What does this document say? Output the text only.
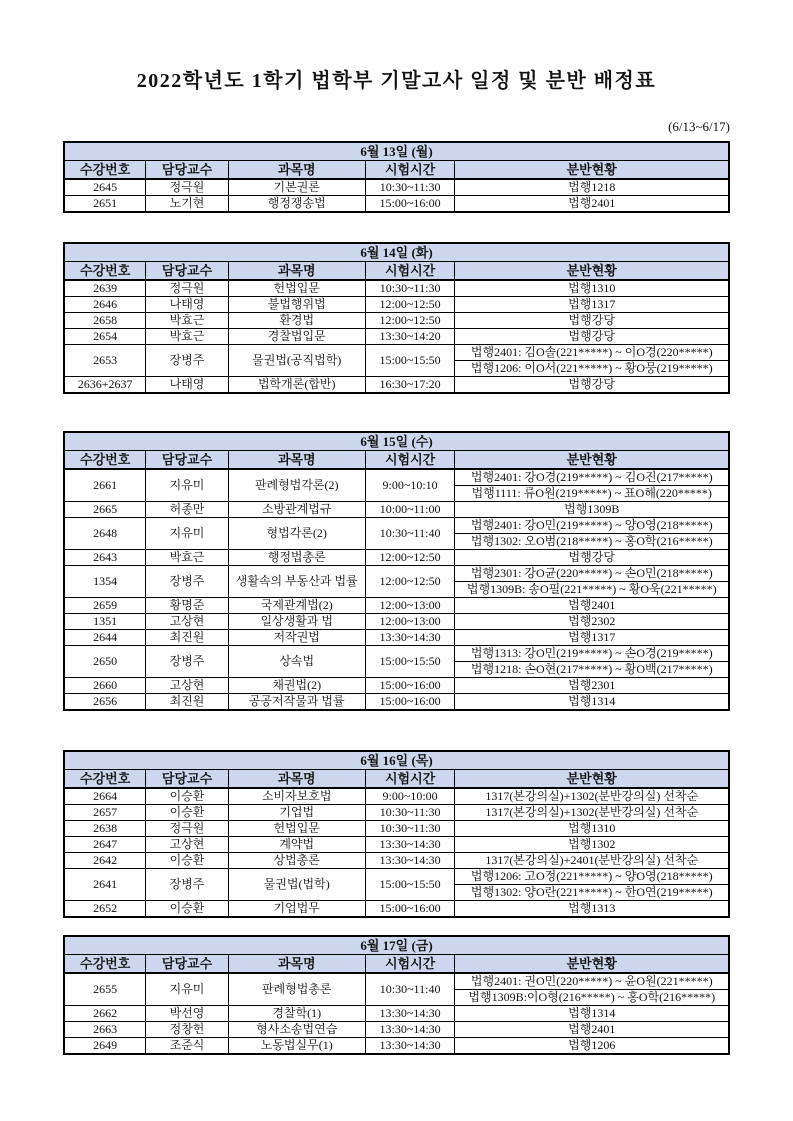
2022학년도 1학기 법학부 기말고사 일정 및 분반 배정표
(6/13~6/17)
6월 13일 (월)				
수강번호	담당교수	과목명	시험시간	분반현황
2645	정극원	기본권론	10:30~11:30	법행1218
2651	노기현	행정쟁송법	15:00~16:00	법행2401
6월 14일 (화)				
수강번호	담당교수	과목명	시험시간	분반현황
2639	정극원	헌법입문	10:30~11:30	법행1310
2646	나태영	불법행위법	12:00~12:50	법행1317
2658	박효근	환경법	12:00~12:50	법행강당
2654	박효근	경찰법입문	13:30~14:20	법행강당
2653	장병주	물권법(공직법학)	15:00~15:50	법행2401: 김O솔(221*****) ~ 이O경(220*****)
				법행1206: 이O서(221*****) ~ 황O뭉(219*****)
2636+2637	나태영	법학개론(합반)	16:30~17:20	법행강당
6월 15일 (수)				
수강번호	담당교수	과목명	시험시간	분반현황
2661	지유미	판례형법각론(2)	9:00~10:10	법행2401: 강O경(219*****) ~ 김O진(217*****)
				법행1111: 류O원(219*****) ~ 표O해(220*****)
2665	허종만	소방관계법규	10:00~11:00	법행1309B
2648	지유미	형법각론(2)	10:30~11:40	법행2401: 강O민(219*****) ~ 양O영(218*****)
				법행1302: 오O범(218*****) ~ 홍O학(216*****)
2643	박효근	행정법총론	12:00~12:50	법행강당
1354	장병주	생활속의 부동산과 법률	12:00~12:50	법행2301: 강O균(220*****) ~ 손O민(218*****)
				법행1309B: 송O필(221*****) ~ 황O욱(221*****)
2659	황명준	국제관계법(2)	12:00~13:00	법행2401
1351	고상현	일상생활과 법	12:00~13:00	법행2302
2644	최진원	저작권법	13:30~14:30	법행1317
2650	장병주	상속법	15:00~15:50	법행1313: 강O민(219*****) ~ 손O경(219*****)
				법행1218: 손O현(217*****) ~ 황O백(217*****)
2660	고상현	채권법(2)	15:00~16:00	법행2301
2656	최진원	공공저작물과 법률	15:00~16:00	법행1314
6월 16일 (목)				
수강번호	담당교수	과목명	시험시간	분반현황
2664	이승환	소비자보호법	9:00~10:00	1317(본강의실)+1302(분반강의실) 선착순
2657	이승환	기업법	10:30~11:30	1317(본강의실)+1302(분반강의실) 선착순
2638	정극원	헌법입문	10:30~11:30	법행1310
2647	고상현	계약법	13:30~14:30	법행1302
2642	이승환	상법총론	13:30~14:30	1317(본강의실)+2401(분반강의실) 선착순
2641	장병주	물권법(법학)	15:00~15:50	법행1206: 고O정(221*****) ~ 양O영(218*****)
				법행1302: 양O란(221*****) ~ 한O연(219*****)
2652	이승환	기업법무	15:00~16:00	법행1313
6월 17일 (금)				
수강번호	담당교수	과목명	시험시간	분반현황
2655	지유미	판례형법총론	10:30~11:40	법행2401: 권O민(220*****) ~ 윤O원(221*****)
				법행1309B:이O형(216*****) ~ 홍O학(216*****)
2662	박선영	경찰학(1)	13:30~14:30	법행1314
2663	정창헌	형사소송법연습	13:30~14:30	법행2401
2649	조준식	노동법실무(1)	13:30~14:30	법행1206
